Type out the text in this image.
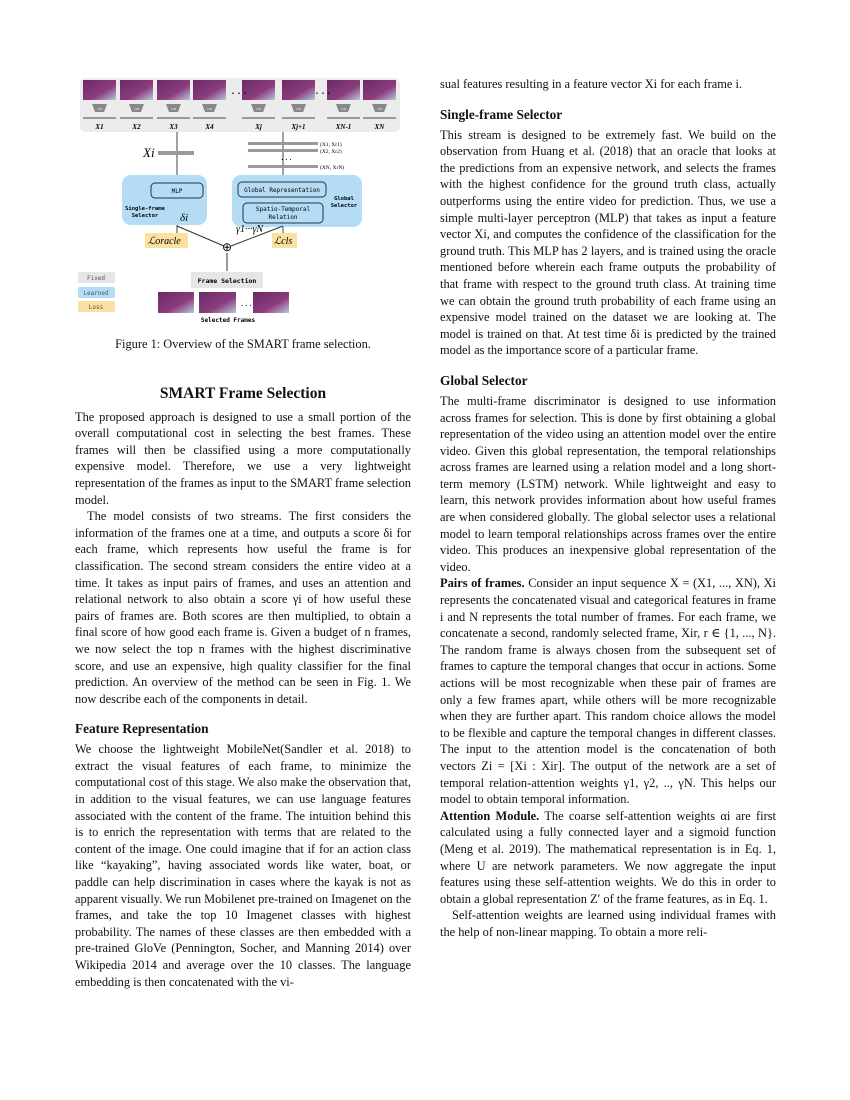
CNN
X1
CNN
X2
CNN
X3
CNN
X4
CNN
Xj
CNN
Xj+1
CNN
XN-1
CNN
XN
...	...
Xi	...
(X1, Xr1)
(X2, Xr2)
(XN, XrN)
MLP
Single-frame
Selector
Global Representation
Spatio-Temporal
Relation
Global
Selector
δi
γ1···γN
ℒoracle	ℒcls
⊕
Fixed
Learned
Loss
Frame Selection
...
Selected Frames
Figure 1: Overview of the SMART frame selection.
SMART Frame Selection

The proposed approach is designed to use a small portion of the overall computational cost in selecting the best frames. These frames will then be classified using a more computationally expensive model. Therefore, we use a very lightweight representation of the frames as input to the SMART frame selection model.

The model consists of two streams. The first considers the information of the frames one at a time, and outputs a score δi for each frame, which represents how useful the frame is for classification. The second stream considers the entire video at a time. It takes as input pairs of frames, and uses an attention and relational network to also obtain a score γi of how useful these pairs of frames are. Both scores are then multiplied, to obtain a final score of how good each frame is. Given a budget of n frames, we now select the top n frames with the highest discriminative score, and use an expensive, high quality classifier for the final prediction. An overview of the method can be seen in Fig. 1. We now describe each of the components in detail.

Feature Representation

We choose the lightweight MobileNet(Sandler et al. 2018) to extract the visual features of each frame, to minimize the computational cost of this stage. We also make the observation that, in addition to the visual features, we can use language features associated with the content of the frame. The intuition behind this is to enrich the representation with terms that are related to the content of the image. One could imagine that if for an action class like “kayaking”, having associated words like water, boat, or paddle can help discrimination in cases where the kayak is not as apparent visually. We run Mobilenet pre-trained on Imagenet on the frames, and take the top 10 Imagenet classes with highest probability. The names of these classes are then embedded with a pre-trained GloVe (Pennington, Socher, and Manning 2014) over Wikipedia 2014 and average over the 10 classes. The language embedding is then concatenated with the vi-

sual features resulting in a feature vector Xi for each frame i.

Single-frame Selector

This stream is designed to be extremely fast. We build on the observation from Huang et al. (2018) that an oracle that looks at the predictions from an expensive network, and selects the frames with the highest confidence for the ground truth class, actually outperforms using the entire video for prediction. Thus, we use a simple multi-layer perceptron (MLP) that takes as input a feature vector Xi, and computes the confidence of the classification for the ground truth. This MLP has 2 layers, and is trained using the oracle mentioned before wherein each frame outputs the probability of that frame with respect to the ground truth class. At training time we can obtain the ground truth probability of each frame using an expensive model trained on the dataset we are looking at. The model is trained on that. At test time δi is predicted by the trained model as the importance score of a particular frame.

Global Selector

The multi-frame discriminator is designed to use information across frames for selection. This is done by first obtaining a global representation of the video using an attention model over the entire video. Given this global representation, the temporal relationships across frames are learned using a relation model and a long short-term memory (LSTM) network. While lightweight and easy to learn, this network provides information about how useful frames are when considered globally. The global selector uses a relational model to learn temporal relationships across frames over the entire video. This produces an inexpensive global representation of the video.

Pairs of frames. Consider an input sequence X = (X1, ..., XN), Xi represents the concatenated visual and categorical features in frame i and N represents the total number of frames. For each frame, we concatenate a second, randomly selected frame, Xir, r ∈ {1, ..., N}. The random frame is always chosen from the subsequent set of frames to capture the temporal changes that occur in actions. Some actions will be most recognizable when these pair of frames are only a few frames apart, while others will be more recognizable when they are further apart. This random choice allows the model to be flexible and capture the temporal changes in different classes. The input to the attention model is the concatenation of both vectors Zi = [Xi : Xir]. The output of the network are a set of temporal relation-attention weights γ1, γ2, .., γN. This helps our model to obtain temporal information.

Attention Module. The coarse self-attention weights αi are first calculated using a fully connected layer and a sigmoid function (Meng et al. 2019). The mathematical representation is in Eq. 1, where U are network parameters. We now aggregate the input features using these self-attention weights. We do this in order to obtain a global representation Z′ of the frame features, as in Eq. 1.

Self-attention weights are learned using individual frames with the help of non-linear mapping. To obtain a more reli-
